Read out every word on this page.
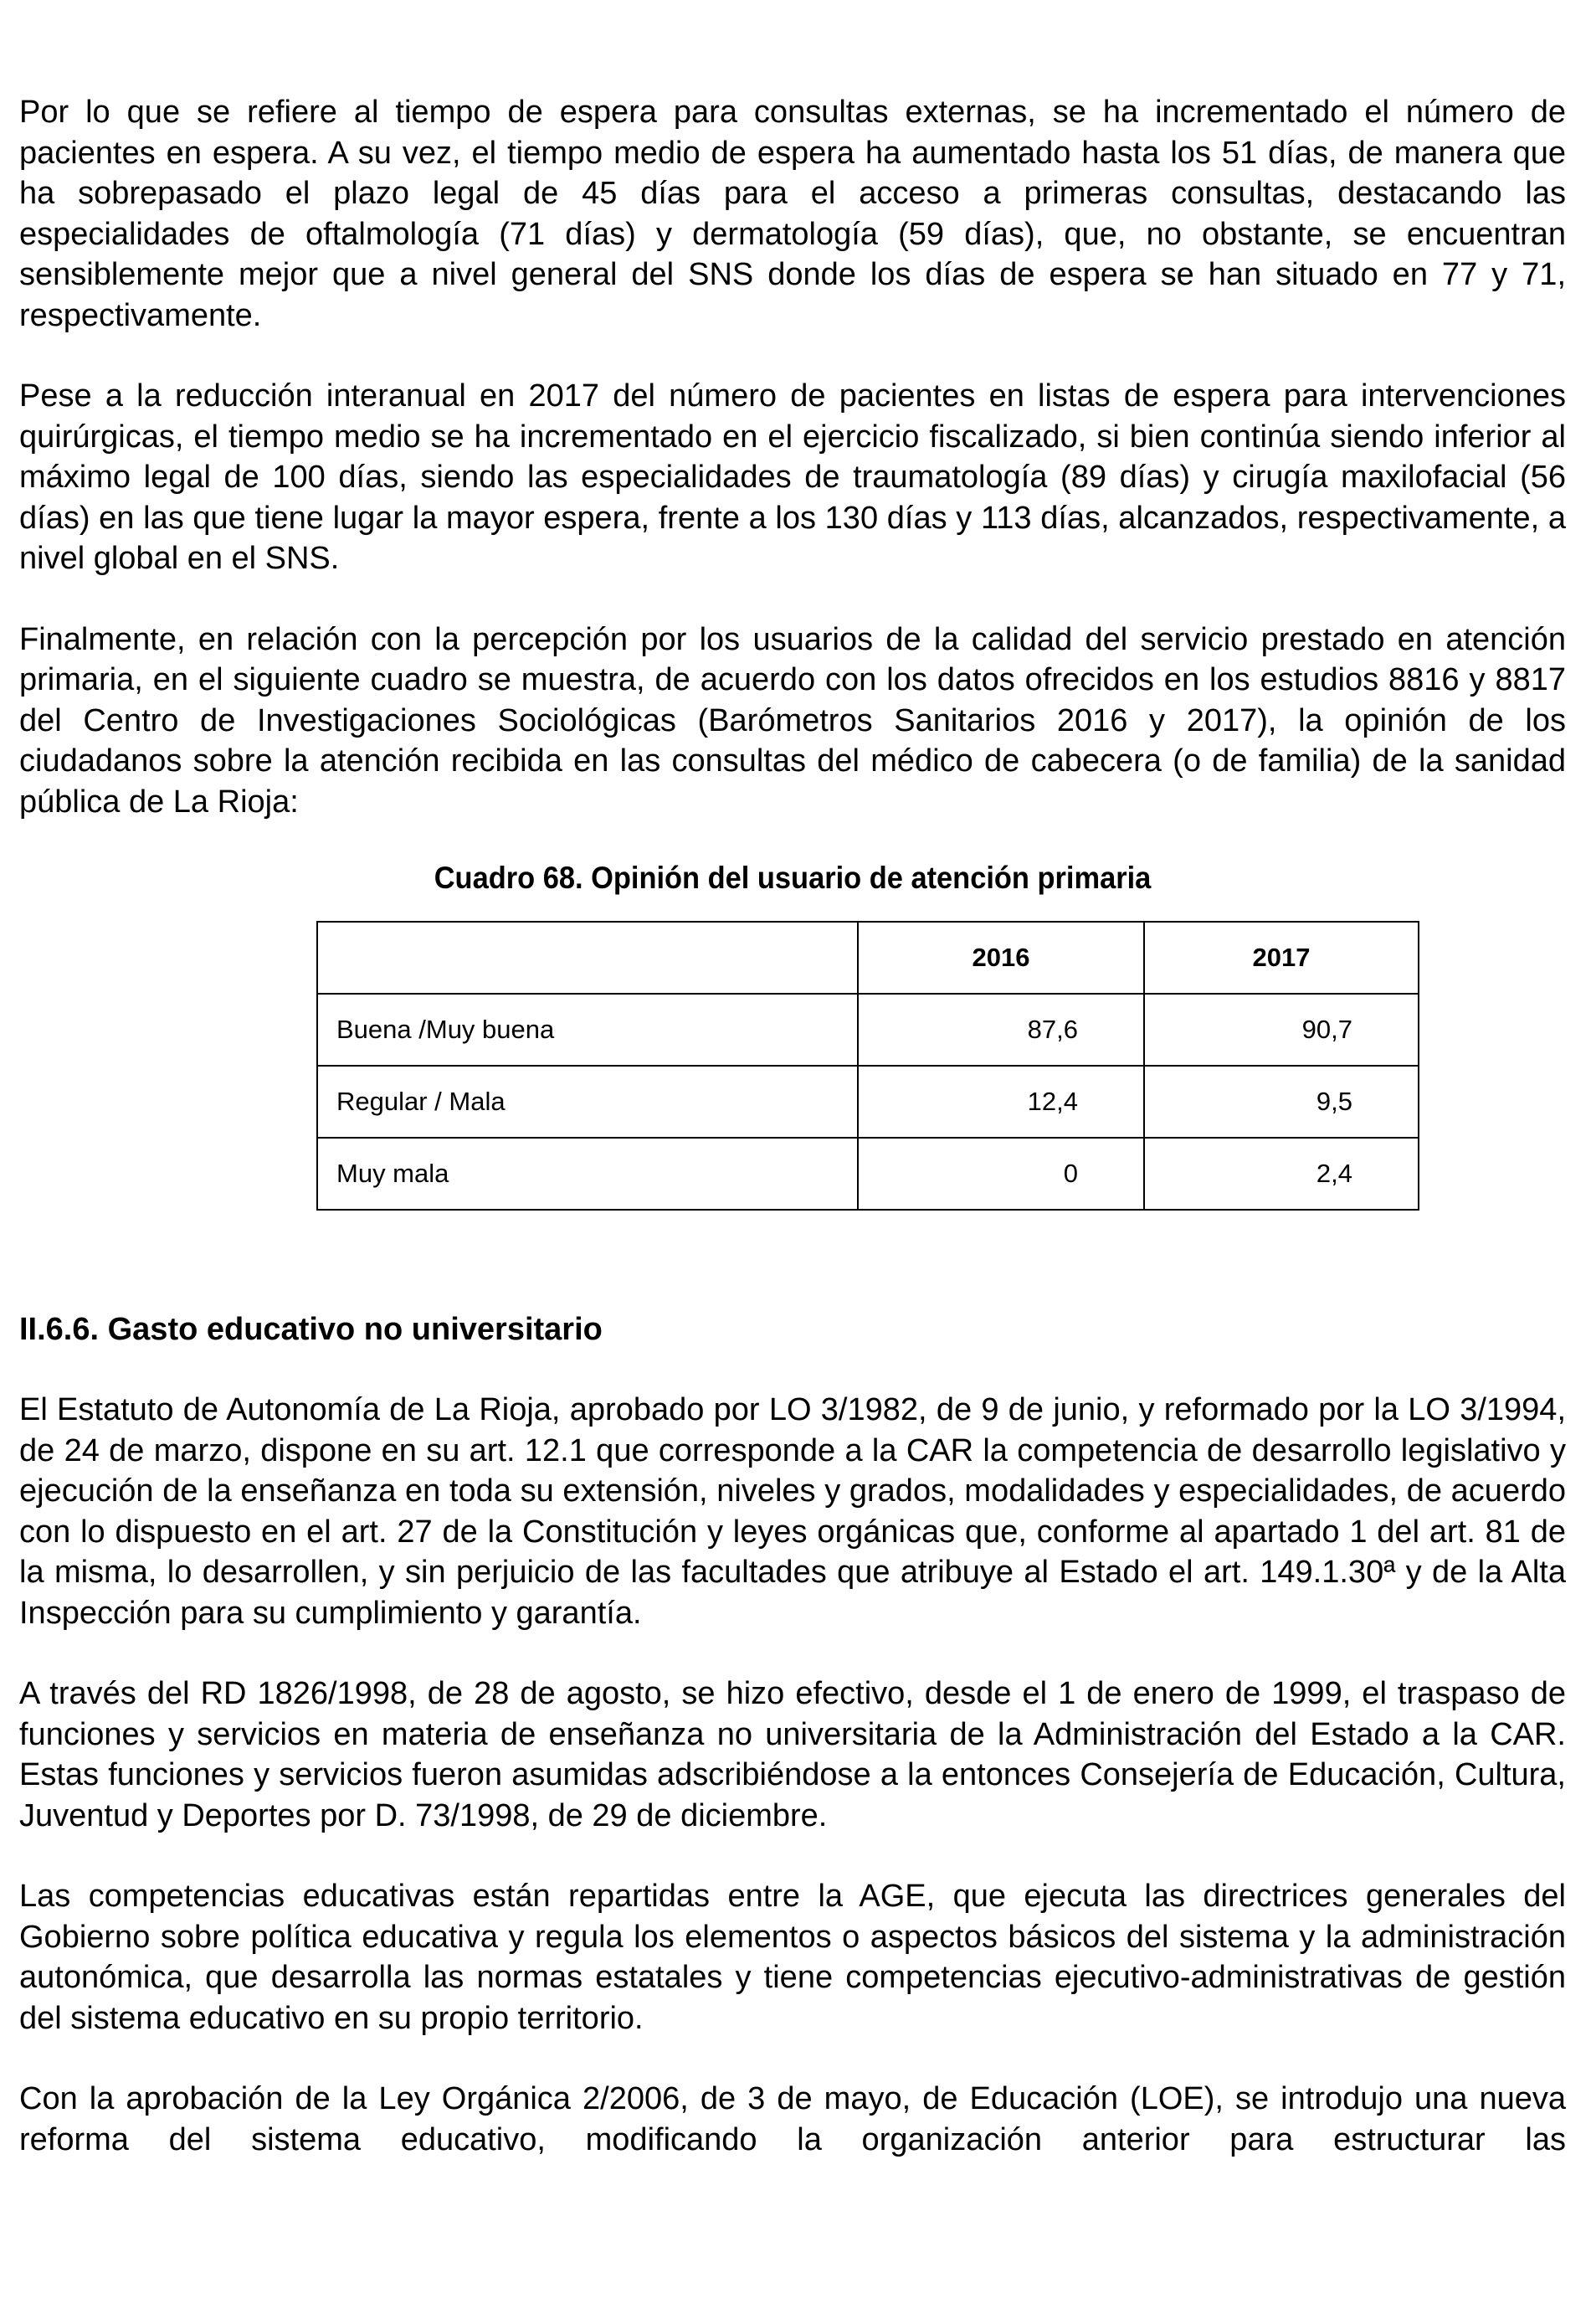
Por lo que se refiere al tiempo de espera para consultas externas, se ha incrementado el número de pacientes en espera. A su vez, el tiempo medio de espera ha aumentado hasta los 51 días, de manera que ha sobrepasado el plazo legal de 45 días para el acceso a primeras consultas, destacando las especialidades de oftalmología (71 días) y dermatología (59 días), que, no obstante, se encuentran sensiblemente mejor que a nivel general del SNS donde los días de espera se han situado en 77 y 71, respectivamente.

Pese a la reducción interanual en 2017 del número de pacientes en listas de espera para intervenciones quirúrgicas, el tiempo medio se ha incrementado en el ejercicio fiscalizado, si bien continúa siendo inferior al máximo legal de 100 días, siendo las especialidades de traumatología (89 días) y cirugía maxilofacial (56 días) en las que tiene lugar la mayor espera, frente a los 130 días y 113 días, alcanzados, respectivamente, a nivel global en el SNS.

Finalmente, en relación con la percepción por los usuarios de la calidad del servicio prestado en atención primaria, en el siguiente cuadro se muestra, de acuerdo con los datos ofrecidos en los estudios 8816 y 8817 del Centro de Investigaciones Sociológicas (Barómetros Sanitarios 2016 y 2017), la opinión de los ciudadanos sobre la atención recibida en las consultas del médico de cabecera (o de familia) de la sanidad pública de La Rioja:

Cuadro 68. Opinión del usuario de atención primaria
	2016	2017
Buena /Muy buena	87,6	90,7
Regular / Mala	12,4	9,5
Muy mala	0	2,4
II.6.6. Gasto educativo no universitario

El Estatuto de Autonomía de La Rioja, aprobado por LO 3/1982, de 9 de junio, y reformado por la LO 3/1994, de 24 de marzo, dispone en su art. 12.1 que corresponde a la CAR la competencia de desarrollo legislativo y ejecución de la enseñanza en toda su extensión, niveles y grados, modalidades y especialidades, de acuerdo con lo dispuesto en el art. 27 de la Constitución y leyes orgánicas que, conforme al apartado 1 del art. 81 de la misma, lo desarrollen, y sin perjuicio de las facultades que atribuye al Estado el art. 149.1.30ª y de la Alta Inspección para su cumplimiento y garantía.

A través del RD 1826/1998, de 28 de agosto, se hizo efectivo, desde el 1 de enero de 1999, el traspaso de funciones y servicios en materia de enseñanza no universitaria de la Administración del Estado a la CAR. Estas funciones y servicios fueron asumidas adscribiéndose a la entonces Consejería de Educación, Cultura, Juventud y Deportes por D. 73/1998, de 29 de diciembre.

Las competencias educativas están repartidas entre la AGE, que ejecuta las directrices generales del Gobierno sobre política educativa y regula los elementos o aspectos básicos del sistema y la administración autonómica, que desarrolla las normas estatales y tiene competencias ejecutivo-administrativas de gestión del sistema educativo en su propio territorio.

Con la aprobación de la Ley Orgánica 2/2006, de 3 de mayo, de Educación (LOE), se introdujo una nueva reforma del sistema educativo, modificando la organización anterior para estructurar las
